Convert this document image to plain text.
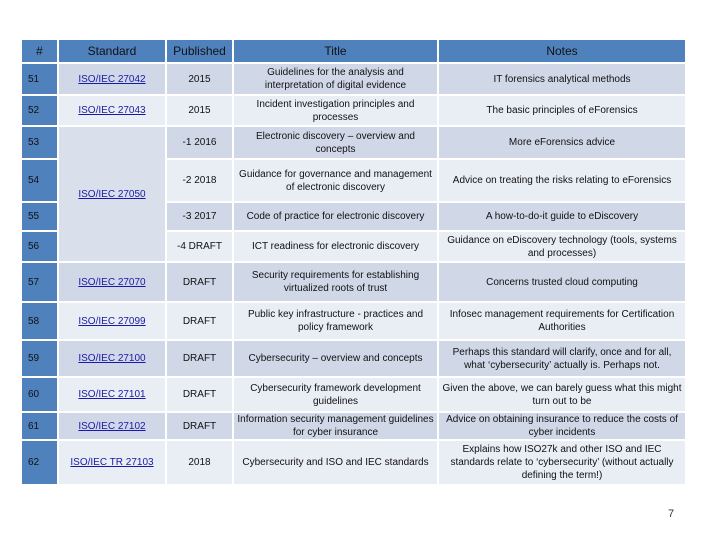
#	Standard	Published	Title	Notes
51	ISO/IEC 27042	2015	Guidelines for the analysis and interpretation of digital evidence	IT forensics analytical methods
52	ISO/IEC 27043	2015	Incident investigation principles and processes	The basic principles of eForensics
53	ISO/IEC 27050	-1 2016	Electronic discovery – overview and concepts	More eForensics advice
54		-2 2018	Guidance for governance and management of electronic discovery	Advice on treating the risks relating to eForensics
55		-3 2017	Code of practice for electronic discovery	A how-to-do-it guide to eDiscovery
56		-4 DRAFT	ICT readiness for electronic discovery	Guidance on eDiscovery technology (tools, systems and processes)
57	ISO/IEC 27070	DRAFT	Security requirements for establishing virtualized roots of trust	Concerns trusted cloud computing
58	ISO/IEC 27099	DRAFT	Public key infrastructure - practices and policy framework	Infosec management requirements for Certification Authorities
59	ISO/IEC 27100	DRAFT	Cybersecurity – overview and concepts	Perhaps this standard will clarify, once and for all, what ‘cybersecurity’ actually is. Perhaps not.
60	ISO/IEC 27101	DRAFT	Cybersecurity framework development guidelines	Given the above, we can barely guess what this might turn out to be
61	ISO/IEC 27102	DRAFT	Information security management guidelines for cyber insurance	Advice on obtaining insurance to reduce the costs of cyber incidents
62	ISO/IEC TR 27103	2018	Cybersecurity and ISO and IEC standards	Explains how ISO27k and other ISO and IEC standards relate to ‘cybersecurity’ (without actually defining the term!)
7
